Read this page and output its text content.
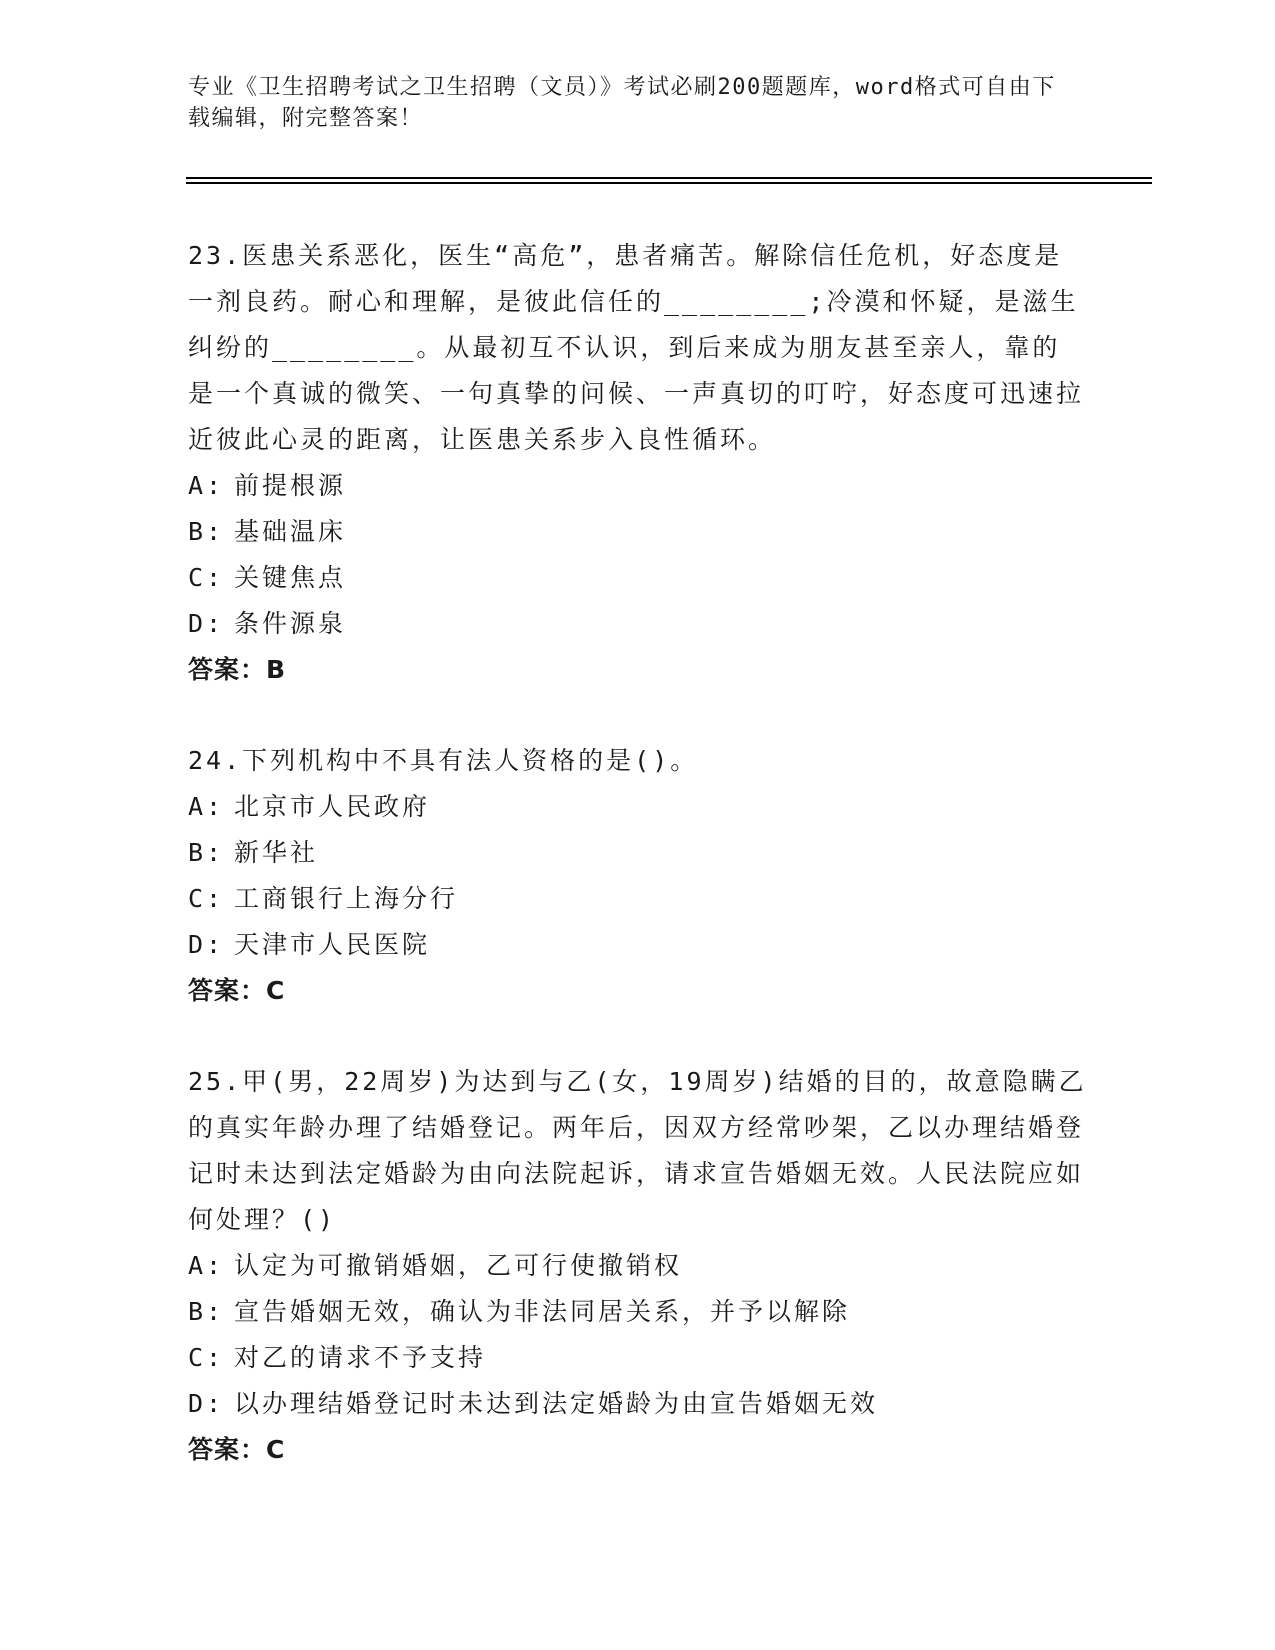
专业《卫生招聘考试之卫生招聘（文员）》考试必刷200题题库，word格式可自由下载编辑，附完整答案！

23.医患关系恶化，医生“高危”，患者痛苦。解除信任危机，好态度是一剂良药。耐心和理解，是彼此信任的________;冷漠和怀疑，是滋生纠纷的________。从最初互不认识，到后来成为朋友甚至亲人，靠的是一个真诚的微笑、一句真挚的问候、一声真切的叮咛，好态度可迅速拉近彼此心灵的距离，让医患关系步入良性循环。

A: 前提根源

B: 基础温床

C: 关键焦点

D: 条件源泉

答案：B

24.下列机构中不具有法人资格的是()。

A: 北京市人民政府

B: 新华社

C: 工商银行上海分行

D: 天津市人民医院

答案：C

25.甲(男，22周岁)为达到与乙(女，19周岁)结婚的目的，故意隐瞒乙的真实年龄办理了结婚登记。两年后，因双方经常吵架，乙以办理结婚登记时未达到法定婚龄为由向法院起诉，请求宣告婚姻无效。人民法院应如何处理？()

A: 认定为可撤销婚姻，乙可行使撤销权

B: 宣告婚姻无效，确认为非法同居关系，并予以解除

C: 对乙的请求不予支持

D: 以办理结婚登记时未达到法定婚龄为由宣告婚姻无效

答案：C
